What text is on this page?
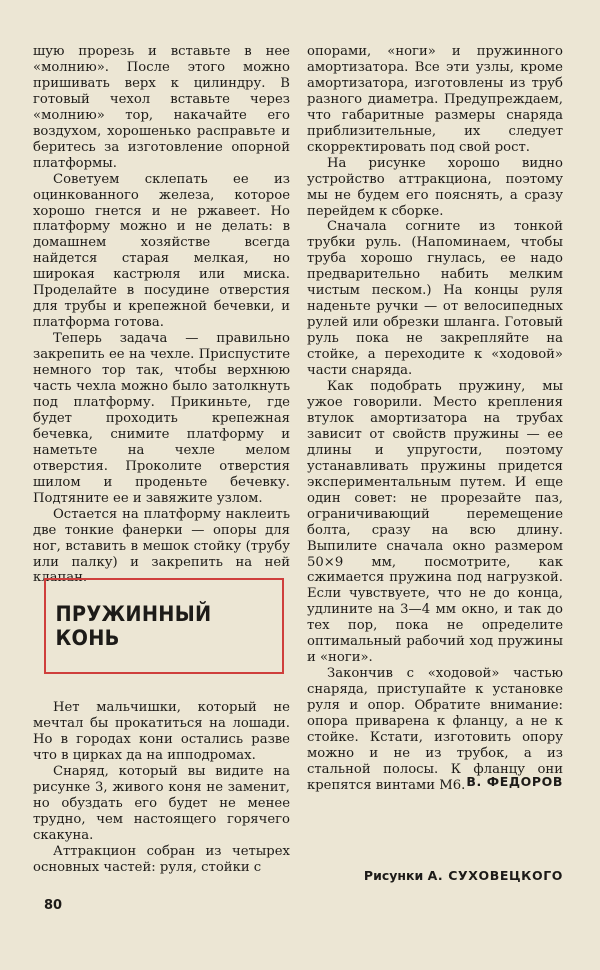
шую прорезь и вставьте в нее «молнию». После этого можно пришивать верх к цилиндру. В готовый чехол вставьте через «молнию» тор, накачайте его воздухом, хорошенько расправьте и беритесь за изготовление опорной платформы.

Советуем склепать ее из оцинкованного железа, которое хорошо гнется и не ржавеет. Но платформу можно и не делать: в домашнем хозяйстве всегда найдется старая мелкая, но широкая кастрюля или миска. Проделайте в посудине отверстия для трубы и крепежной бечевки, и платформа готова.

Теперь задача — правильно закрепить ее на чехле. Приспустите немного тор так, чтобы верхнюю часть чехла можно было затолкнуть под платформу. Прикиньте, где будет проходить крепежная бечевка, снимите платформу и наметьте на чехле мелом отверстия. Проколите отверстия шилом и проденьте бечевку. Подтяните ее и завяжите узлом.

Остается на платформу наклеить две тонкие фанерки — опоры для ног, вставить в мешок стойку (трубу или палку) и закрепить на ней клапан.

ПРУЖИННЫЙ КОНЬ

Нет мальчишки, который не мечтал бы прокатиться на лошади. Но в городах кони остались разве что в цирках да на ипподромах.

Снаряд, который вы видите на рисунке 3, живого коня не заменит, но обуздать его будет не менее трудно, чем настоящего горячего скакуна.

Аттракцион собран из четырех основных частей: руля, стойки с

опорами, «ноги» и пружинного амортизатора. Все эти узлы, кроме амортизатора, изготовлены из труб разного диаметра. Предупреждаем, что габаритные размеры снаряда приблизительные, их следует скорректировать под свой рост.

На рисунке хорошо видно устройство аттракциона, поэтому мы не будем его пояснять, а сразу перейдем к сборке.

Сначала согните из тонкой трубки руль. (Напоминаем, чтобы труба хорошо гнулась, ее надо предварительно набить мелким чистым песком.) На концы руля наденьте ручки — от велосипедных рулей или обрезки шланга. Готовый руль пока не закрепляйте на стойке, а переходите к «ходовой» части снаряда.

Как подобрать пружину, мы ужое говорили. Место крепления втулок амортизатора на трубах зависит от свойств пружины — ее длины и упругости, поэтому устанавливать пружины придется экспериментальным путем. И еще один совет: не прорезайте паз, ограничивающий перемещение болта, сразу на всю длину. Выпилите сначала окно размером 50×9 мм, посмотрите, как сжимается пружина под нагрузкой. Если чувствуете, что не до конца, удлините на 3—4 мм окно, и так до тех пор, пока не определите оптимальный рабочий ход пружины и «ноги».

Закончив с «ходовой» частью снаряда, приступайте к установке руля и опор. Обратите внимание: опора приварена к фланцу, а не к стойке. Кстати, изготовить опору можно и не из трубок, а из стальной полосы. К фланцу они крепятся винтами М6. В. ФЕДОРОВ
Рисунки А. СУХОВЕЦКОГО
80
